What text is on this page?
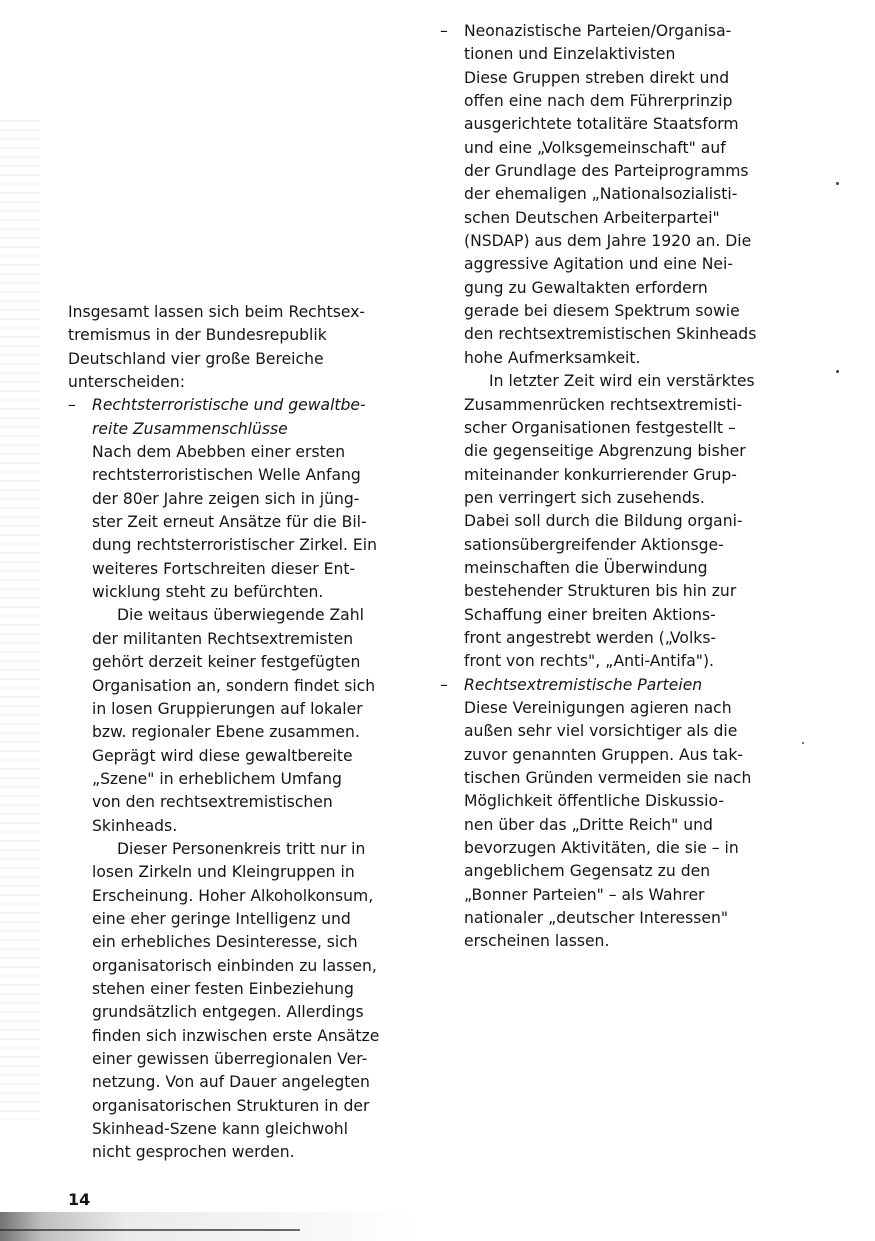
Insgesamt lassen sich beim Rechtsex-
tremismus in der Bundesrepublik
Deutschland vier große Bereiche
unterscheiden:
– Rechtsterroristische und gewaltbe-
reite Zusammenschlüsse
Nach dem Abebben einer ersten
rechtsterroristischen Welle Anfang
der 80er Jahre zeigen sich in jüng-
ster Zeit erneut Ansätze für die Bil-
dung rechtsterroristischer Zirkel. Ein
weiteres Fortschreiten dieser Ent-
wicklung steht zu befürchten.
Die weitaus überwiegende Zahl
der militanten Rechtsextremisten
gehört derzeit keiner festgefügten
Organisation an, sondern findet sich
in losen Gruppierungen auf lokaler
bzw. regionaler Ebene zusammen.
Geprägt wird diese gewaltbereite
„Szene" in erheblichem Umfang
von den rechtsextremistischen
Skinheads.
Dieser Personenkreis tritt nur in
losen Zirkeln und Kleingruppen in
Erscheinung. Hoher Alkoholkonsum,
eine eher geringe Intelligenz und
ein erhebliches Desinteresse, sich
organisatorisch einbinden zu lassen,
stehen einer festen Einbeziehung
grundsätzlich entgegen. Allerdings
finden sich inzwischen erste Ansätze
einer gewissen überregionalen Ver-
netzung. Von auf Dauer angelegten
organisatorischen Strukturen in der
Skinhead-Szene kann gleichwohl
nicht gesprochen werden.
– Neonazistische Parteien/Organisa-
tionen und Einzelaktivisten
Diese Gruppen streben direkt und
offen eine nach dem Führerprinzip
ausgerichtete totalitäre Staatsform
und eine „Volksgemeinschaft" auf
der Grundlage des Parteiprogramms
der ehemaligen „Nationalsozialisti-
schen Deutschen Arbeiterpartei"
(NSDAP) aus dem Jahre 1920 an. Die
aggressive Agitation und eine Nei-
gung zu Gewaltakten erfordern
gerade bei diesem Spektrum sowie
den rechtsextremistischen Skinheads
hohe Aufmerksamkeit.
In letzter Zeit wird ein verstärktes
Zusammenrücken rechtsextremisti-
scher Organisationen festgestellt –
die gegenseitige Abgrenzung bisher
miteinander konkurrierender Grup-
pen verringert sich zusehends.
Dabei soll durch die Bildung organi-
sationsübergreifender Aktionsge-
meinschaften die Überwindung
bestehender Strukturen bis hin zur
Schaffung einer breiten Aktions-
front angestrebt werden („Volks-
front von rechts", „Anti-Antifa").
– Rechtsextremistische Parteien
Diese Vereinigungen agieren nach
außen sehr viel vorsichtiger als die
zuvor genannten Gruppen. Aus tak-
tischen Gründen vermeiden sie nach
Möglichkeit öffentliche Diskussio-
nen über das „Dritte Reich" und
bevorzugen Aktivitäten, die sie – in
angeblichem Gegensatz zu den
„Bonner Parteien" – als Wahrer
nationaler „deutscher Interessen"
erscheinen lassen.
14
